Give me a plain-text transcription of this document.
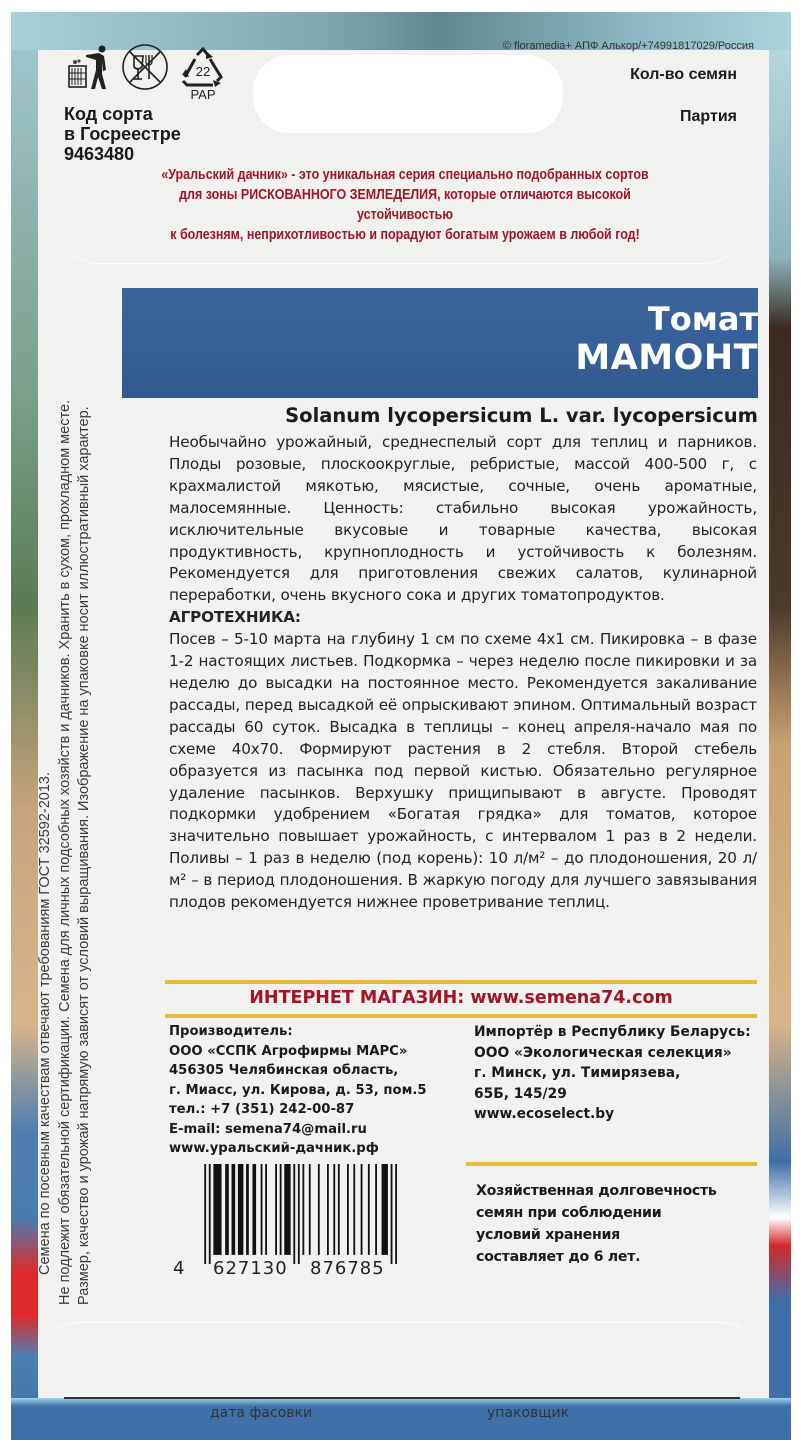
22
PAP
Код сорта
в Госреестре
9463480
© floramedia+ АПФ Алькор/+74991817029/Россия
Кол-во семян
Партия
«Уральский дачник» - это уникальная серия специально подобранных сортов
для зоны РИСКОВАННОГО ЗЕМЛЕДЕЛИЯ, которые отличаются высокой устойчивостью
к болезням, неприхотливостью и порадуют богатым урожаем в любой год!
Томат
МАМОНТ
Solanum lycopersicum L. var. lycopersicum

Необычайно урожайный, среднеспелый сорт для теплиц и парников. Плоды розовые, плоскоокруглые, ребристые, массой 400-500 г, с крахмалистой мякотью, мясистые, сочные, очень ароматные, малосемянные. Ценность: стабильно высокая урожайность, исключительные вкусовые и товарные качества, высокая продуктивность, крупноплодность и устойчивость к болезням. Рекомендуется для приготовления свежих салатов, кулинарной переработки, очень вкусного сока и других томатопродуктов.

АГРОТЕХНИКА:

Посев – 5-10 марта на глубину 1 см по схеме 4x1 см. Пикировка – в фазе 1-2 настоящих листьев. Подкормка – через неделю после пикировки и за неделю до высадки на постоянное место. Рекомендуется закаливание рассады, перед высадкой её опрыскивают эпином. Оптимальный возраст рассады 60 суток. Высадка в теплицы – конец апреля-начало мая по схеме 40x70. Формируют растения в 2 стебля. Второй стебель образуется из пасынка под первой кистью. Обязательно регулярное удаление пасынков. Верхушку прищипывают в августе. Проводят подкормки удобрением «Богатая грядка» для томатов, которое значительно повышает урожайность, с интервалом 1 раз в 2 недели. Поливы – 1 раз в неделю (под корень): 10 л/м² – до плодоношения, 20 л/м² – в период плодоношения. В жаркую погоду для лучшего завязывания плодов рекомендуется нижнее проветривание теплиц.

ИНТЕРНЕТ МАГАЗИН: www.semena74.com
Производитель:
ООО «ССПК Агрофирмы МАРС»
456305 Челябинская область,
г. Миасс, ул. Кирова, д. 53, пом.5
тел.: +7 (351) 242-00-87
E-mail: semena74@mail.ru
www.уральский-дачник.рф
Импортёр в Республику Беларусь:
ООО «Экологическая селекция»
г. Минск, ул. Тимирязева,
65Б, 145/29
www.ecoselect.by
Хозяйственная долговечность
семян при соблюдении
условий хранения
составляет до 6 лет.
4 627130 876785
Семена по посевным качествам отвечают требованиям ГОСТ 32592-2013. Не подлежит обязательной сертификации. Семена для личных подсобных хозяйств и дачников. Хранить в сухом, прохладном месте. Размер, качество и урожай напрямую зависят от условий выращивания. Изображение на упаковке носит иллюстративный характер.
дата фасовки	упаковщик
